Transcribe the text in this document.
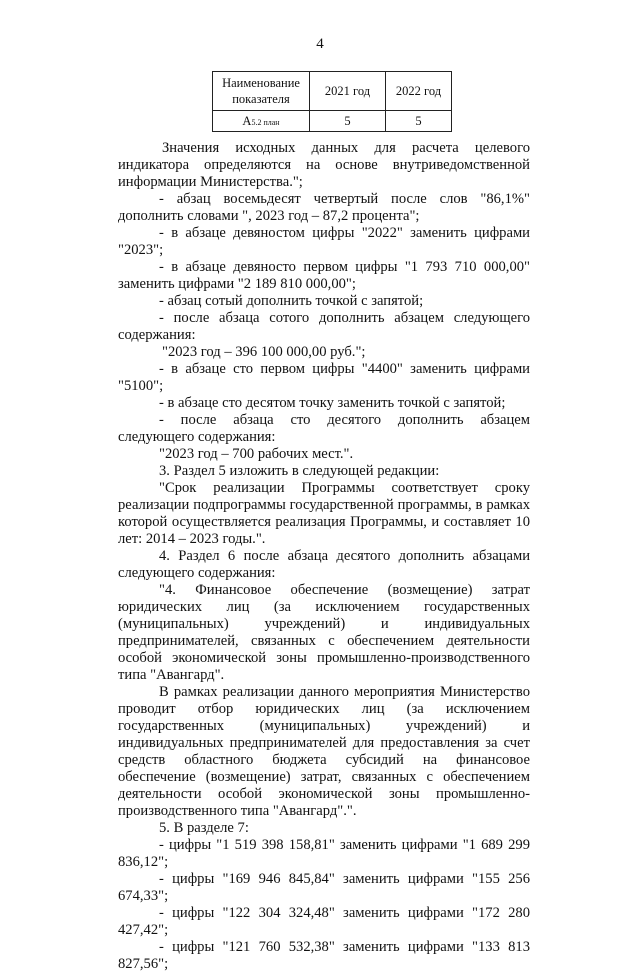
4
Наименование показателя	2021 год	2022 год
A5.2 план	5	5

Значения исходных данных для расчета целевого индикатора определяются на основе внутриведомственной информации Министерства.";

- абзац восемьдесят четвертый после слов "86,1%" дополнить словами ", 2023 год – 87,2 процента";

- в абзаце девяностом цифры "2022" заменить цифрами "2023";

- в абзаце девяносто первом цифры "1 793 710 000,00" заменить цифрами "2 189 810 000,00";

- абзац сотый дополнить точкой с запятой;

- после абзаца сотого дополнить абзацем следующего содержания:

"2023 год – 396 100 000,00 руб.";

- в абзаце сто первом цифры "4400" заменить цифрами "5100";

- в абзаце сто десятом точку заменить точкой с запятой;

- после абзаца сто десятого дополнить абзацем следующего содержания:

"2023 год – 700 рабочих мест.".

3. Раздел 5 изложить в следующей редакции:

"Срок реализации Программы соответствует сроку реализации подпрограммы государственной программы, в рамках которой осуществляется реализация Программы, и составляет 10 лет: 2014 – 2023 годы.".

4. Раздел 6 после абзаца десятого дополнить абзацами следующего содержания:

"4. Финансовое обеспечение (возмещение) затрат юридических лиц (за исключением государственных (муниципальных) учреждений) и индивидуальных предпринимателей, связанных с обеспечением деятельности особой экономической зоны промышленно-производственного типа "Авангард".

В рамках реализации данного мероприятия Министерство проводит отбор юридических лиц (за исключением государственных (муниципальных) учреждений) и индивидуальных предпринимателей для предоставления за счет средств областного бюджета субсидий на финансовое обеспечение (возмещение) затрат, связанных с обеспечением деятельности особой экономической зоны промышленно-производственного типа "Авангард".".

5. В разделе 7:

- цифры "1 519 398 158,81" заменить цифрами "1 689 299 836,12";

- цифры "169 946 845,84" заменить цифрами "155 256 674,33";

- цифры "122 304 324,48" заменить цифрами "172 280 427,42";

- цифры "121 760 532,38" заменить цифрами "133 813 827,56";
